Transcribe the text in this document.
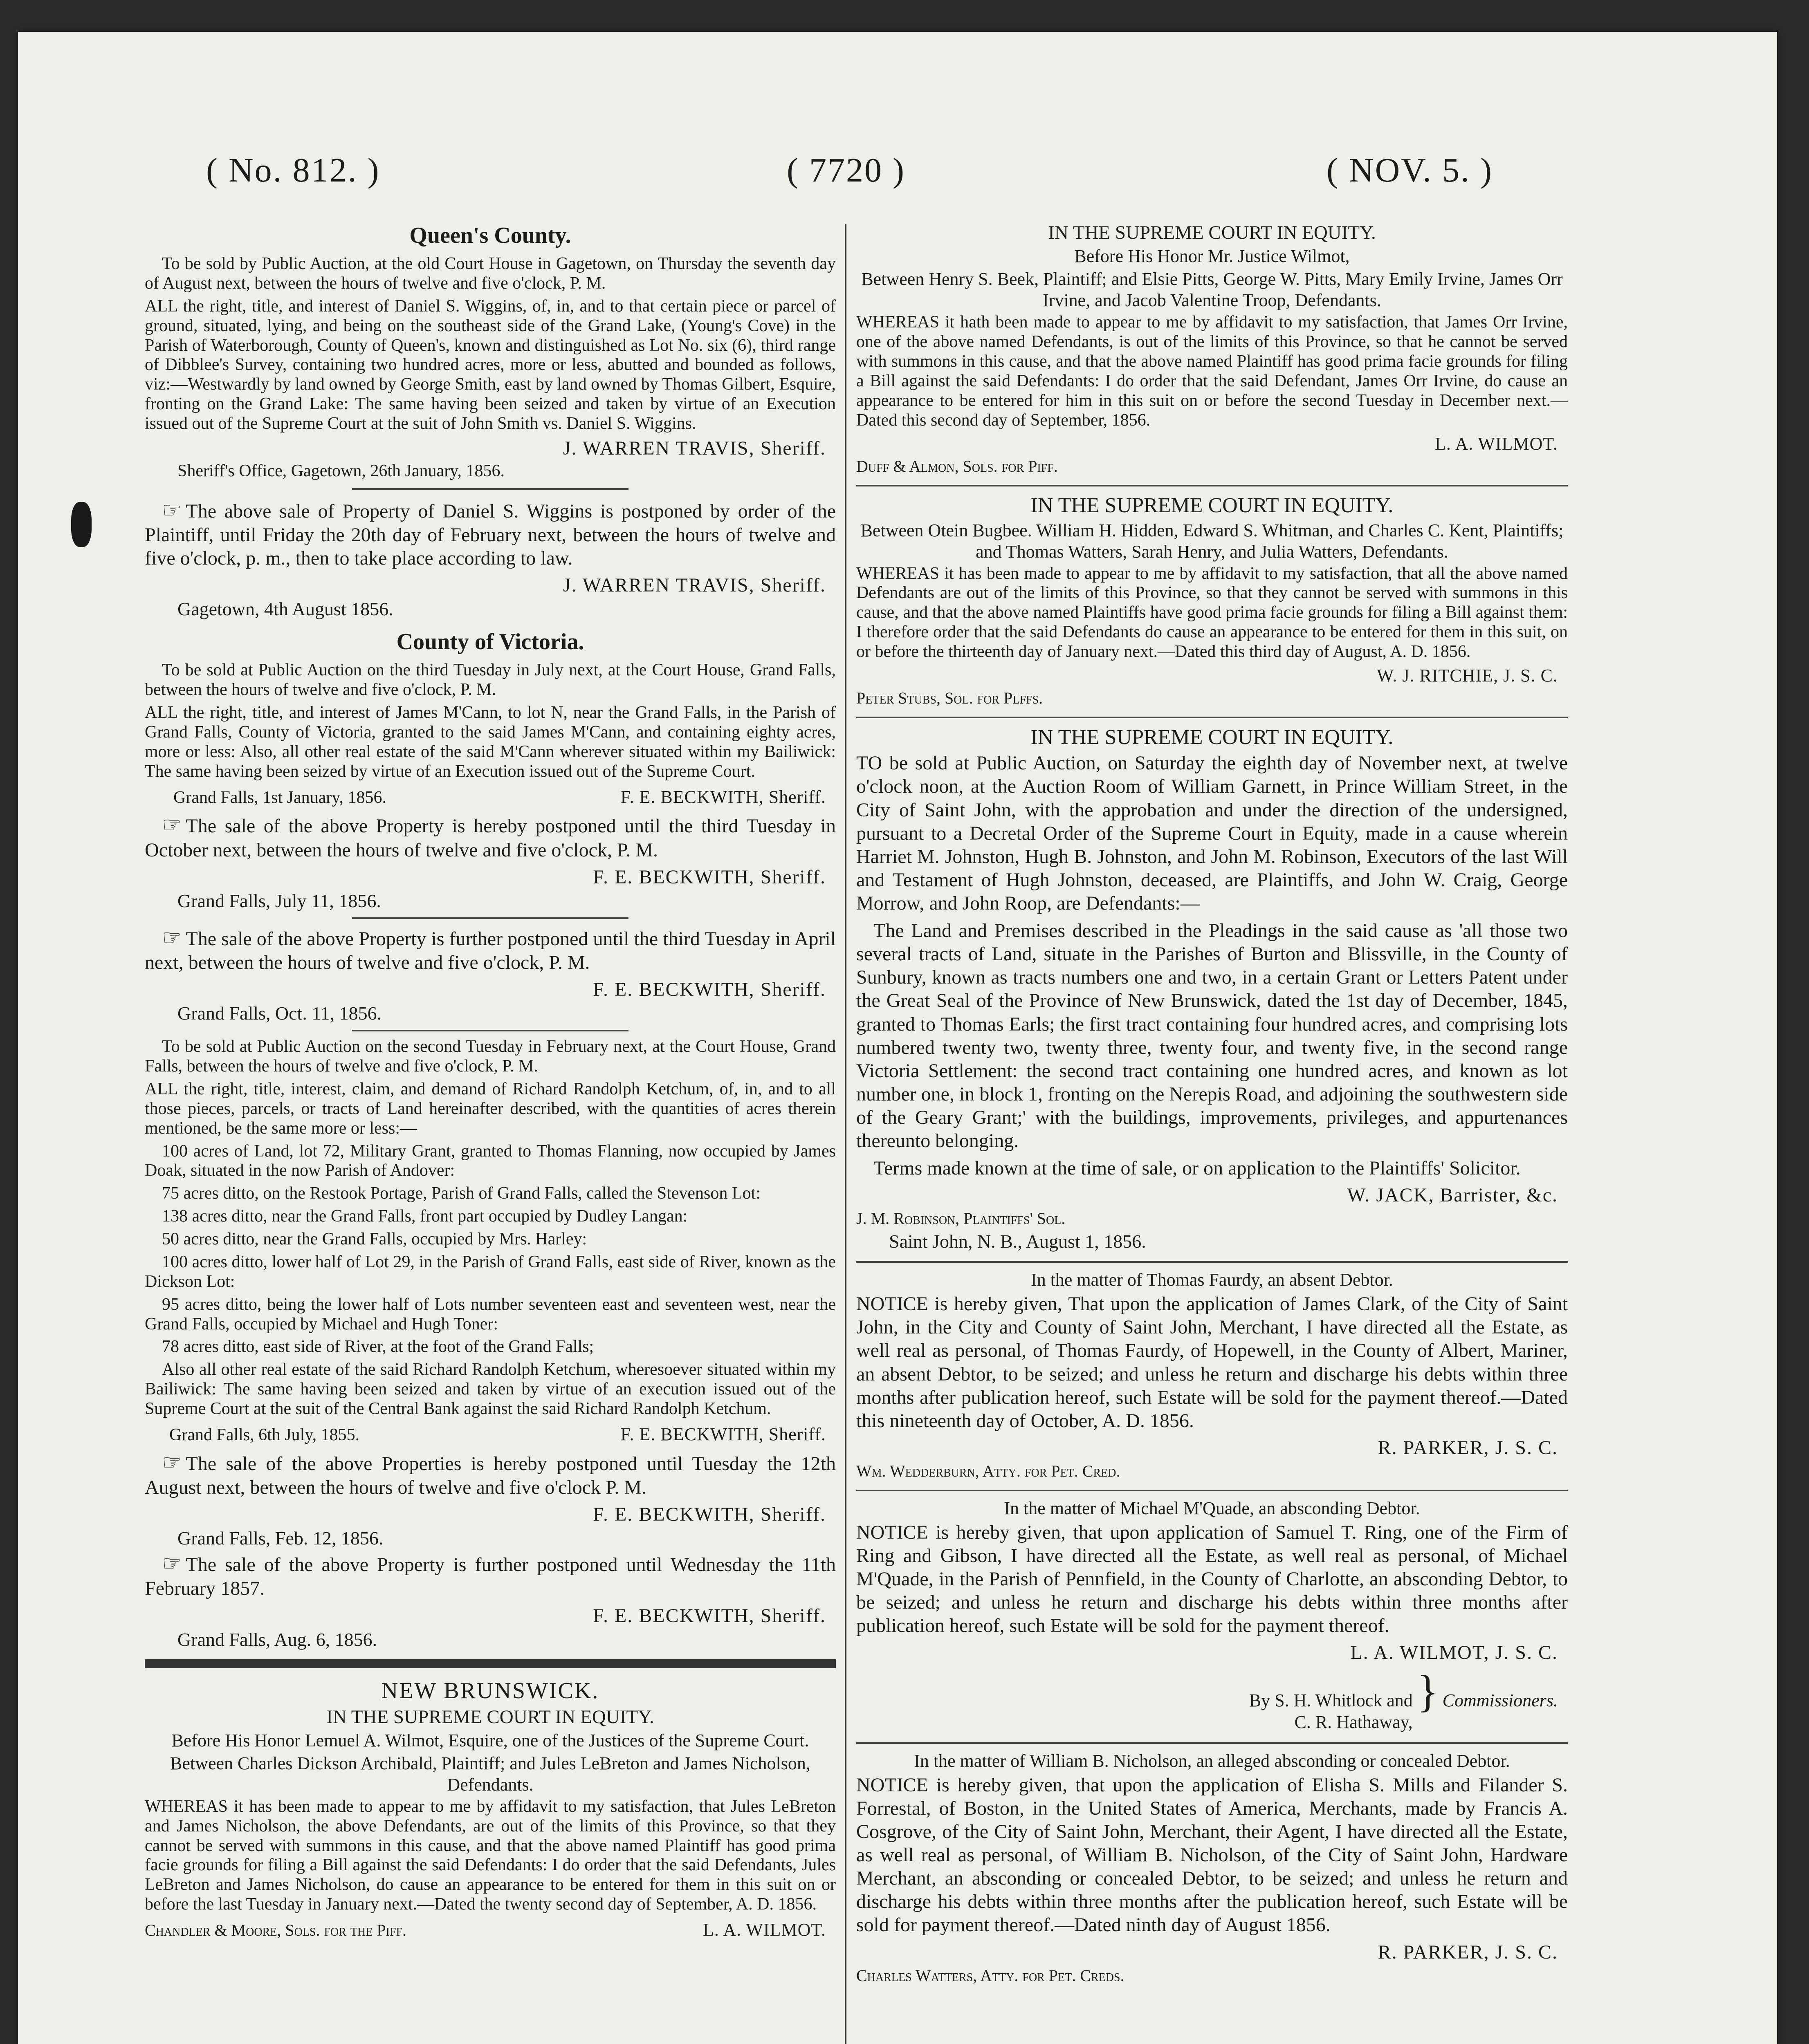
( No. 812. )	( 7720 )	( NOV. 5. )
Queen's County.

To be sold by Public Auction, at the old Court House in Gagetown, on Thursday the seventh day of August next, between the hours of twelve and five o'clock, P. M.

ALL the right, title, and interest of Daniel S. Wiggins, of, in, and to that certain piece or parcel of ground, situated, lying, and being on the southeast side of the Grand Lake, (Young's Cove) in the Parish of Waterborough, County of Queen's, known and distinguished as Lot No. six (6), third range of Dibblee's Survey, containing two hundred acres, more or less, abutted and bounded as follows, viz:—Westwardly by land owned by George Smith, east by land owned by Thomas Gilbert, Esquire, fronting on the Grand Lake: The same having been seized and taken by virtue of an Execution issued out of the Supreme Court at the suit of John Smith vs. Daniel S. Wiggins.

J. WARREN TRAVIS, Sheriff.
Sheriff's Office, Gagetown, 26th January, 1856.

☞ The above sale of Property of Daniel S. Wiggins is postponed by order of the Plaintiff, until Friday the 20th day of February next, between the hours of twelve and five o'clock, p. m., then to take place according to law.

J. WARREN TRAVIS, Sheriff.
Gagetown, 4th August 1856.
County of Victoria.

To be sold at Public Auction on the third Tuesday in July next, at the Court House, Grand Falls, between the hours of twelve and five o'clock, P. M.

ALL the right, title, and interest of James M'Cann, to lot N, near the Grand Falls, in the Parish of Grand Falls, County of Victoria, granted to the said James M'Cann, and containing eighty acres, more or less: Also, all other real estate of the said M'Cann wherever situated within my Bailiwick: The same having been seized by virtue of an Execution issued out of the Supreme Court.

Grand Falls, 1st January, 1856.	F. E. BECKWITH, Sheriff.

☞ The sale of the above Property is hereby postponed until the third Tuesday in October next, between the hours of twelve and five o'clock, P. M.

F. E. BECKWITH, Sheriff.
Grand Falls, July 11, 1856.

☞ The sale of the above Property is further postponed until the third Tuesday in April next, between the hours of twelve and five o'clock, P. M.

F. E. BECKWITH, Sheriff.
Grand Falls, Oct. 11, 1856.

To be sold at Public Auction on the second Tuesday in February next, at the Court House, Grand Falls, between the hours of twelve and five o'clock, P. M.

ALL the right, title, interest, claim, and demand of Richard Randolph Ketchum, of, in, and to all those pieces, parcels, or tracts of Land hereinafter described, with the quantities of acres therein mentioned, be the same more or less:—

100 acres of Land, lot 72, Military Grant, granted to Thomas Flanning, now occupied by James Doak, situated in the now Parish of Andover:

75 acres ditto, on the Restook Portage, Parish of Grand Falls, called the Stevenson Lot:

138 acres ditto, near the Grand Falls, front part occupied by Dudley Langan:

50 acres ditto, near the Grand Falls, occupied by Mrs. Harley:

100 acres ditto, lower half of Lot 29, in the Parish of Grand Falls, east side of River, known as the Dickson Lot:

95 acres ditto, being the lower half of Lots number seventeen east and seventeen west, near the Grand Falls, occupied by Michael and Hugh Toner:

78 acres ditto, east side of River, at the foot of the Grand Falls;

Also all other real estate of the said Richard Randolph Ketchum, wheresoever situated within my Bailiwick: The same having been seized and taken by virtue of an execution issued out of the Supreme Court at the suit of the Central Bank against the said Richard Randolph Ketchum.

Grand Falls, 6th July, 1855.	F. E. BECKWITH, Sheriff.

☞ The sale of the above Properties is hereby postponed until Tuesday the 12th August next, between the hours of twelve and five o'clock P. M.

F. E. BECKWITH, Sheriff.
Grand Falls, Feb. 12, 1856.

☞ The sale of the above Property is further postponed until Wednesday the 11th February 1857.

F. E. BECKWITH, Sheriff.
Grand Falls, Aug. 6, 1856.
NEW BRUNSWICK.
IN THE SUPREME COURT IN EQUITY.
Before His Honor Lemuel A. Wilmot, Esquire, one of the Justices of the Supreme Court.
Between Charles Dickson Archibald, Plaintiff; and Jules LeBreton and James Nicholson, Defendants.

WHEREAS it has been made to appear to me by affidavit to my satisfaction, that Jules LeBreton and James Nicholson, the above Defendants, are out of the limits of this Province, so that they cannot be served with summons in this cause, and that the above named Plaintiff has good prima facie grounds for filing a Bill against the said Defendants: I do order that the said Defendants, Jules LeBreton and James Nicholson, do cause an appearance to be entered for them in this suit on or before the last Tuesday in January next.—Dated the twenty second day of September, A. D. 1856.

Chandler & Moore, Sols. for the Piff.	L. A. WILMOT.
IN THE SUPREME COURT IN EQUITY.
Before His Honor Mr. Justice Wilmot,
Between Henry S. Beek, Plaintiff; and Elsie Pitts, George W. Pitts, Mary Emily Irvine, James Orr Irvine, and Jacob Valentine Troop, Defendants.

WHEREAS it hath been made to appear to me by affidavit to my satisfaction, that James Orr Irvine, one of the above named Defendants, is out of the limits of this Province, so that he cannot be served with summons in this cause, and that the above named Plaintiff has good prima facie grounds for filing a Bill against the said Defendants: I do order that the said Defendant, James Orr Irvine, do cause an appearance to be entered for him in this suit on or before the second Tuesday in December next.—Dated this second day of September, 1856.

L. A. WILMOT.
Duff & Almon, Sols. for Piff.
IN THE SUPREME COURT IN EQUITY.
Between Otein Bugbee. William H. Hidden, Edward S. Whitman, and Charles C. Kent, Plaintiffs; and Thomas Watters, Sarah Henry, and Julia Watters, Defendants.

WHEREAS it has been made to appear to me by affidavit to my satisfaction, that all the above named Defendants are out of the limits of this Province, so that they cannot be served with summons in this cause, and that the above named Plaintiffs have good prima facie grounds for filing a Bill against them: I therefore order that the said Defendants do cause an appearance to be entered for them in this suit, on or before the thirteenth day of January next.—Dated this third day of August, A. D. 1856.

W. J. RITCHIE, J. S. C.
Peter Stubs, Sol. for Plffs.
IN THE SUPREME COURT IN EQUITY.

TO be sold at Public Auction, on Saturday the eighth day of November next, at twelve o'clock noon, at the Auction Room of William Garnett, in Prince William Street, in the City of Saint John, with the approbation and under the direction of the undersigned, pursuant to a Decretal Order of the Supreme Court in Equity, made in a cause wherein Harriet M. Johnston, Hugh B. Johnston, and John M. Robinson, Executors of the last Will and Testament of Hugh Johnston, deceased, are Plaintiffs, and John W. Craig, George Morrow, and John Roop, are Defendants:—

The Land and Premises described in the Pleadings in the said cause as 'all those two several tracts of Land, situate in the Parishes of Burton and Blissville, in the County of Sunbury, known as tracts numbers one and two, in a certain Grant or Letters Patent under the Great Seal of the Province of New Brunswick, dated the 1st day of December, 1845, granted to Thomas Earls; the first tract containing four hundred acres, and comprising lots numbered twenty two, twenty three, twenty four, and twenty five, in the second range Victoria Settlement: the second tract containing one hundred acres, and known as lot number one, in block 1, fronting on the Nerepis Road, and adjoining the southwestern side of the Geary Grant;' with the buildings, improvements, privileges, and appurtenances thereunto belonging.

Terms made known at the time of sale, or on application to the Plaintiffs' Solicitor.

W. JACK, Barrister, &c.
J. M. Robinson, Plaintiffs' Sol.
Saint John, N. B., August 1, 1856.
In the matter of Thomas Faurdy, an absent Debtor.

NOTICE is hereby given, That upon the application of James Clark, of the City of Saint John, in the City and County of Saint John, Merchant, I have directed all the Estate, as well real as personal, of Thomas Faurdy, of Hopewell, in the County of Albert, Mariner, an absent Debtor, to be seized; and unless he return and discharge his debts within three months after publication hereof, such Estate will be sold for the payment thereof.—Dated this nineteenth day of October, A. D. 1856.

R. PARKER, J. S. C.
Wm. Wedderburn, Atty. for Pet. Cred.
In the matter of Michael M'Quade, an absconding Debtor.

NOTICE is hereby given, that upon application of Samuel T. Ring, one of the Firm of Ring and Gibson, I have directed all the Estate, as well real as personal, of Michael M'Quade, in the Parish of Pennfield, in the County of Charlotte, an absconding Debtor, to be seized; and unless he return and discharge his debts within three months after publication hereof, such Estate will be sold for the payment thereof.

L. A. WILMOT, J. S. C.
By S. H. Whitlock and
C. R. Hathaway,
} Commissioners.
In the matter of William B. Nicholson, an alleged absconding or concealed Debtor.

NOTICE is hereby given, that upon the application of Elisha S. Mills and Filander S. Forrestal, of Boston, in the United States of America, Merchants, made by Francis A. Cosgrove, of the City of Saint John, Merchant, their Agent, I have directed all the Estate, as well real as personal, of William B. Nicholson, of the City of Saint John, Hardware Merchant, an absconding or concealed Debtor, to be seized; and unless he return and discharge his debts within three months after the publication hereof, such Estate will be sold for payment thereof.—Dated ninth day of August 1856.

R. PARKER, J. S. C.
Charles Watters, Atty. for Pet. Creds.
